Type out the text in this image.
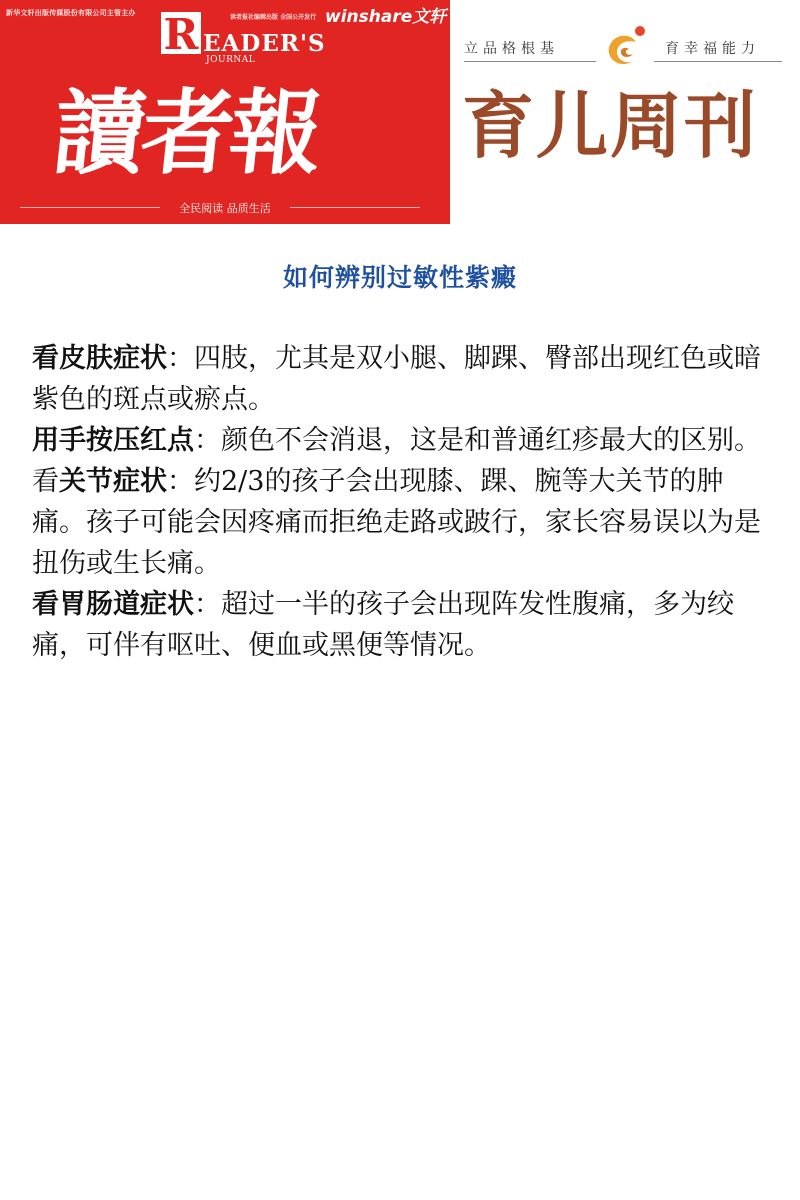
新华文轩出版传媒股份有限公司主管主办 R EADER'S
JOURNAL
读者报社编辑出版 全国公开发行 winshare文轩
讀者報
全民阅读 品质生活
立品格根基	育幸福能力
育儿周刊
如何辨别过敏性紫癜

看皮肤症状：四肢，尤其是双小腿、脚踝、臀部出现红色或暗紫色的斑点或瘀点。

用手按压红点：颜色不会消退，这是和普通红疹最大的区别。

看关节症状：约2/3的孩子会出现膝、踝、腕等大关节的肿痛。孩子可能会因疼痛而拒绝走路或跛行，家长容易误以为是扭伤或生长痛。

看胃肠道症状：超过一半的孩子会出现阵发性腹痛，多为绞痛，可伴有呕吐、便血或黑便等情况。
